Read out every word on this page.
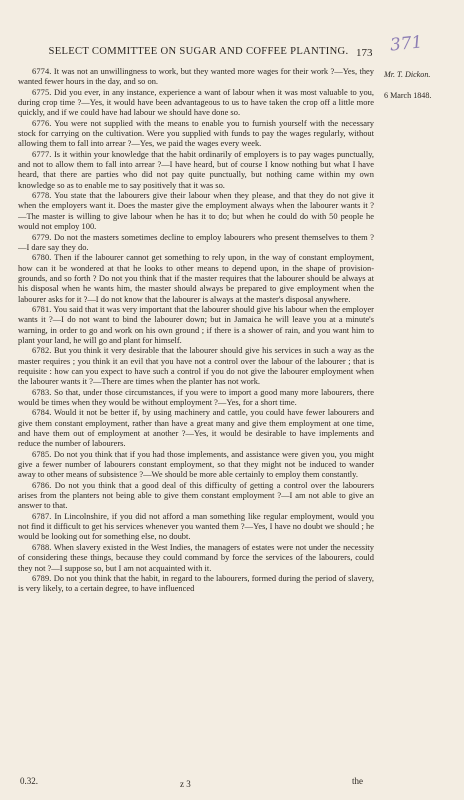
SELECT COMMITTEE ON SUGAR AND COFFEE PLANTING. 173 371
Mr. T. Dickon.
6 March 1848.

6774. It was not an unwillingness to work, but they wanted more wages for their work ?—Yes, they wanted fewer hours in the day, and so on.

6775. Did you ever, in any instance, experience a want of labour when it was most valuable to you, during crop time ?—Yes, it would have been advantageous to us to have taken the crop off a little more quickly, and if we could have had labour we should have done so.

6776. You were not supplied with the means to enable you to furnish yourself with the necessary stock for carrying on the cultivation. Were you supplied with funds to pay the wages regularly, without allowing them to fall into arrear ?—Yes, we paid the wages every week.

6777. Is it within your knowledge that the habit ordinarily of employers is to pay wages punctually, and not to allow them to fall into arrear ?—I have heard, but of course I know nothing but what I have heard, that there are parties who did not pay quite punctually, but nothing came within my own knowledge so as to enable me to say positively that it was so.

6778. You state that the labourers give their labour when they please, and that they do not give it when the employers want it. Does the master give the employment always when the labourer wants it ?—The master is willing to give labour when he has it to do; but when he could do with 50 people he would not employ 100.

6779. Do not the masters sometimes decline to employ labourers who present themselves to them ?—I dare say they do.

6780. Then if the labourer cannot get something to rely upon, in the way of constant employment, how can it be wondered at that he looks to other means to depend upon, in the shape of provision-grounds, and so forth ? Do not you think that if the master requires that the labourer should be always at his disposal when he wants him, the master should always be prepared to give employment when the labourer asks for it ?—I do not know that the labourer is always at the master's disposal anywhere.

6781. You said that it was very important that the labourer should give his labour when the employer wants it ?—I do not want to bind the labourer down; but in Jamaica he will leave you at a minute's warning, in order to go and work on his own ground ; if there is a shower of rain, and you want him to plant your land, he will go and plant for himself.

6782. But you think it very desirable that the labourer should give his services in such a way as the master requires ; you think it an evil that you have not a control over the labour of the labourer ; that is requisite : how can you expect to have such a control if you do not give the labourer employment when the labourer wants it ?—There are times when the planter has not work.

6783. So that, under those circumstances, if you were to import a good many more labourers, there would be times when they would be without employment ?—Yes, for a short time.

6784. Would it not be better if, by using machinery and cattle, you could have fewer labourers and give them constant employment, rather than have a great many and give them employment at one time, and have them out of employment at another ?—Yes, it would be desirable to have implements and reduce the number of labourers.

6785. Do not you think that if you had those implements, and assistance were given you, you might give a fewer number of labourers constant employment, so that they might not be induced to wander away to other means of subsistence ?—We should be more able certainly to employ them constantly.

6786. Do not you think that a good deal of this difficulty of getting a control over the labourers arises from the planters not being able to give them constant employment ?—I am not able to give an answer to that.

6787. In Lincolnshire, if you did not afford a man something like regular employment, would you not find it difficult to get his services whenever you wanted them ?—Yes, I have no doubt we should ; he would be looking out for something else, no doubt.

6788. When slavery existed in the West Indies, the managers of estates were not under the necessity of considering these things, because they could command by force the services of the labourers, could they not ?—I suppose so, but I am not acquainted with it.

6789. Do not you think that the habit, in regard to the labourers, formed during the period of slavery, is very likely, to a certain degree, to have influenced

0.32.	z 3	the
